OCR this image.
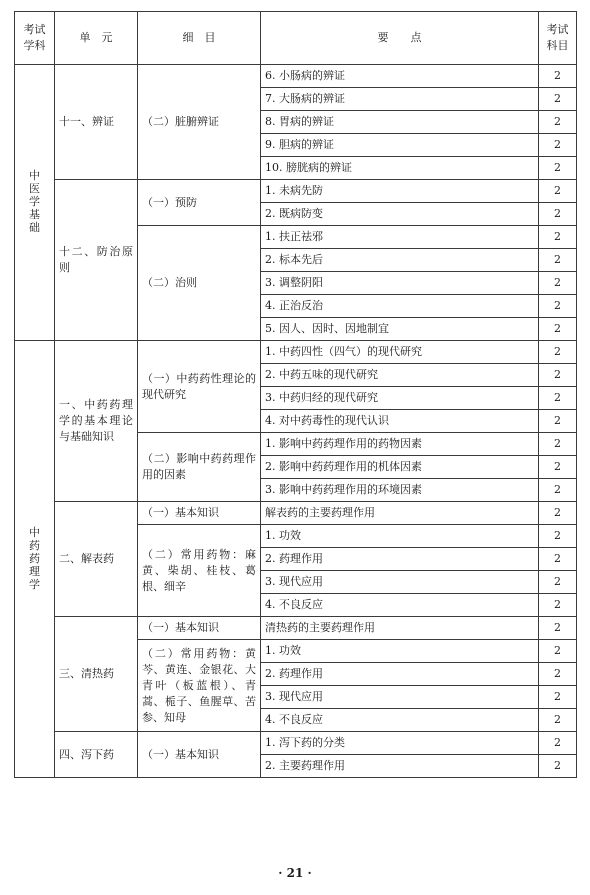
考试学科	单　元	细　目	要　　点	考试科目
中医学基础	十一、辨证	（二）脏腑辨证	6. 小肠病的辨证	2
			7. 大肠病的辨证	2
			8. 胃病的辨证	2
			9. 胆病的辨证	2
			10. 膀胱病的辨证	2
	十二、防治原则	（一）预防	1. 未病先防	2
			2. 既病防变	2
		（二）治则	1. 扶正祛邪	2
			2. 标本先后	2
			3. 调整阴阳	2
			4. 正治反治	2
			5. 因人、因时、因地制宜	2
中药药理学	一、中药药理学的基本理论与基础知识	（一）中药药性理论的现代研究	1. 中药四性（四气）的现代研究	2
			2. 中药五味的现代研究	2
			3. 中药归经的现代研究	2
			4. 对中药毒性的现代认识	2
		（二）影响中药药理作用的因素	1. 影响中药药理作用的药物因素	2
			2. 影响中药药理作用的机体因素	2
			3. 影响中药药理作用的环境因素	2
	二、解表药	（一）基本知识	解表药的主要药理作用	2
		（二）常用药物：麻黄、柴胡、桂枝、葛根、细辛	1. 功效	2
			2. 药理作用	2
			3. 现代应用	2
			4. 不良反应	2
	三、清热药	（一）基本知识	清热药的主要药理作用	2
		（二）常用药物：黄芩、黄连、金银花、大青叶（板蓝根）、青蒿、栀子、鱼腥草、苦参、知母	1. 功效	2
			2. 药理作用	2
			3. 现代应用	2
			4. 不良反应	2
	四、泻下药	（一）基本知识	1. 泻下药的分类	2
			2. 主要药理作用	2
· 21 ·
